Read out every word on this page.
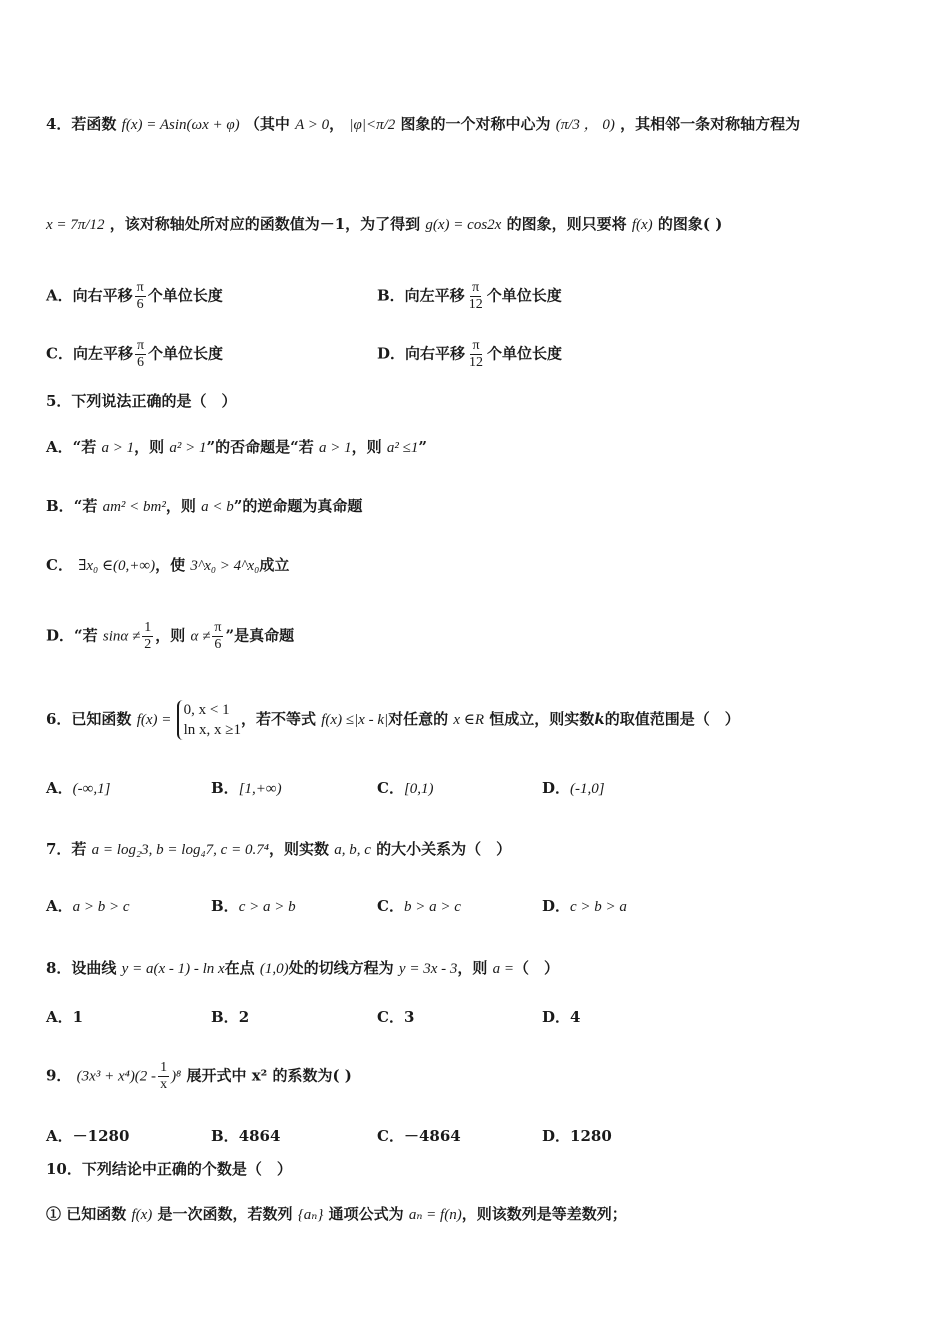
4．若函数 f(x) = Asin(ωx + φ) （其中 A > 0， |φ|<π/2 图象的一个对称中心为 (π/3 ， 0) ，其相邻一条对称轴方程为
x = 7π/12 ，该对称轴处所对应的函数值为－1，为了得到 g(x) = cos2x 的图象，则只要将 f(x) 的图象( )
A．向右平移 $\frac{\pi}{6}$ 个单位长度	B．向左平移 $\frac{\pi}{12}$ 个单位长度
C．向左平移 $\frac{\pi}{6}$ 个单位长度	D．向右平移 $\frac{\pi}{12}$ 个单位长度
5．下列说法正确的是（　）
A．“若 a > 1，则 a² > 1”的否命题是“若 a > 1，则 a² ≤1”
B．“若 am² < bm²，则 a < b”的逆命题为真命题
C． ∃x₀ ∈(0,+∞)，使 3^x₀ > 4^x₀成立
D．“若 $\sin\alpha \ne \frac{1}{2}$ ，则 $\alpha \ne \frac{\pi}{6}$ ”是真命题
6．已知函数 f(x) = 0, x < 1
ln x, x ≥1，若不等式 f(x) ≤|x - k|对任意的 x ∈R 恒成立，则实数k的取值范围是（　）
A．(-∞,1]	B．[1,+∞)	C．[0,1)	D．(-1,0]
7．若 a = log₂3, b = log₄7, c = 0.7⁴，则实数 a, b, c 的大小关系为（　）
A．a > b > c	B．c > a > b	C．b > a > c	D．c > b > a
8．设曲线 y = a(x - 1) - ln x在点 (1,0)处的切线方程为 y = 3x - 3，则 a =（　）
A．1	B．2	C．3	D．4
9． $(3x^3 + x^4)(2 - \frac{1}{x} )^8$ 展开式中 x² 的系数为( )
A．－1280	B．4864	C．－4864	D．1280
10．下列结论中正确的个数是（　）
① 已知函数 f(x) 是一次函数，若数列 {aₙ} 通项公式为 aₙ = f(n)，则该数列是等差数列；
